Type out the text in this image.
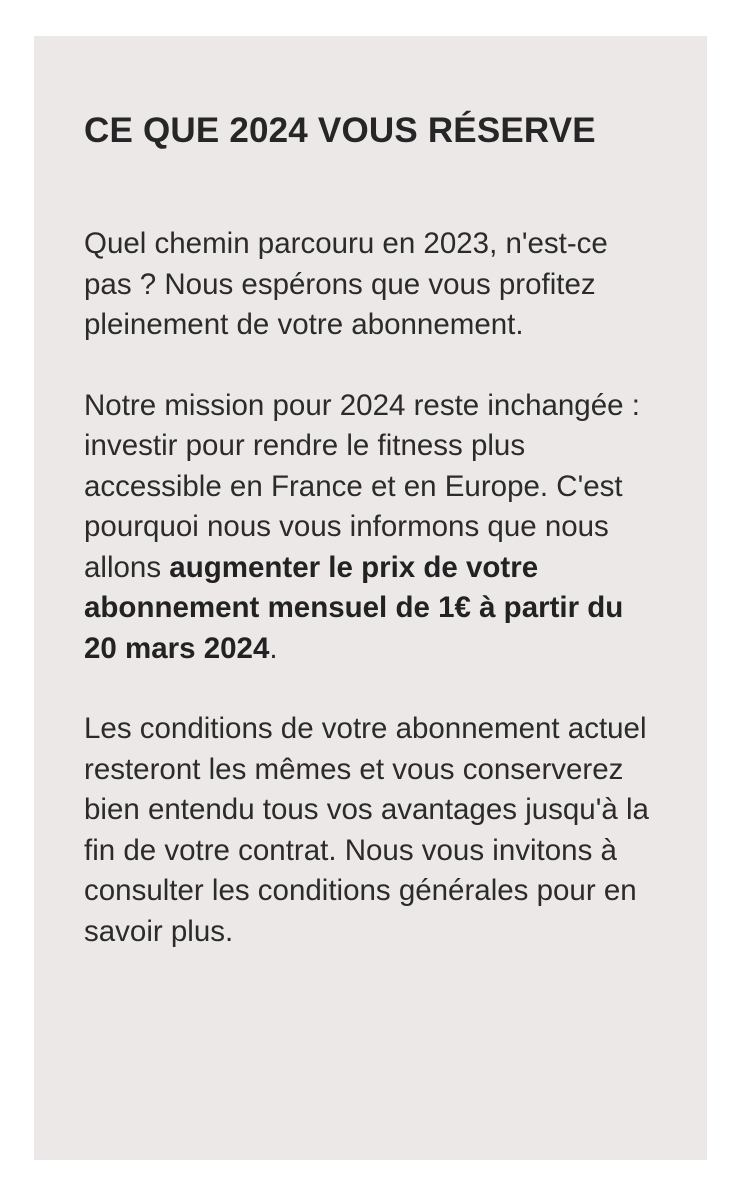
CE QUE 2024 VOUS RÉSERVE

Quel chemin parcouru en 2023, n'est-ce pas ? Nous espérons que vous profitez pleinement de votre abonnement.

Notre mission pour 2024 reste inchangée : investir pour rendre le fitness plus accessible en France et en Europe. C'est pourquoi nous vous informons que nous allons augmenter le prix de votre abonnement mensuel de 1€ à partir du 20 mars 2024.

Les conditions de votre abonnement actuel resteront les mêmes et vous conserverez bien entendu tous vos avantages jusqu'à la fin de votre contrat. Nous vous invitons à consulter les conditions générales pour en savoir plus.
